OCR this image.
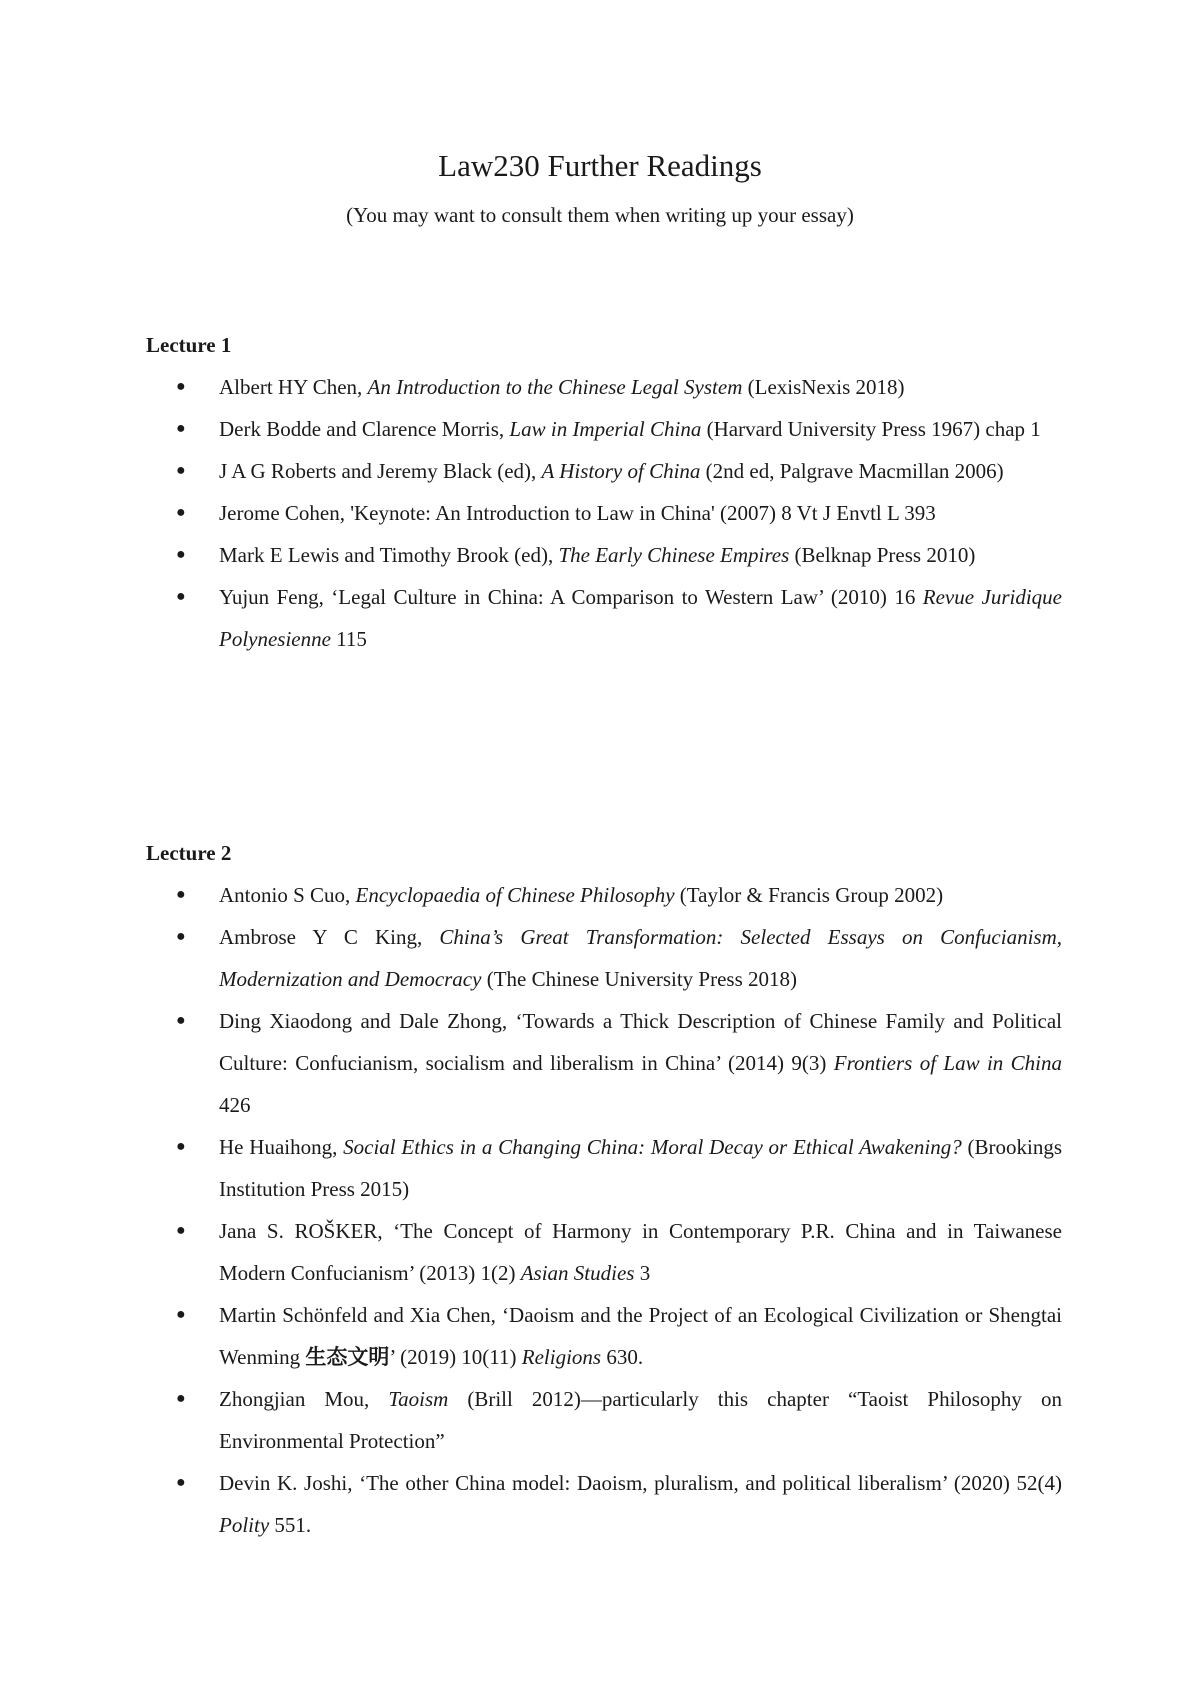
Law230 Further Readings
(You may want to consult them when writing up your essay)

Lecture 1

● Albert HY Chen, An Introduction to the Chinese Legal System (LexisNexis 2018)
● Derk Bodde and Clarence Morris, Law in Imperial China (Harvard University Press 1967) chap 1
● J A G Roberts and Jeremy Black (ed), A History of China (2nd ed, Palgrave Macmillan 2006)
● Jerome Cohen, 'Keynote: An Introduction to Law in China' (2007) 8 Vt J Envtl L 393
● Mark E Lewis and Timothy Brook (ed), The Early Chinese Empires (Belknap Press 2010)
● Yujun Feng, ‘Legal Culture in China: A Comparison to Western Law’ (2010) 16 Revue Juridique Polynesienne 115

Lecture 2

● Antonio S Cuo, Encyclopaedia of Chinese Philosophy (Taylor & Francis Group 2002)
● Ambrose Y C King, China’s Great Transformation: Selected Essays on Confucianism, Modernization and Democracy (The Chinese University Press 2018)
● Ding Xiaodong and Dale Zhong, ‘Towards a Thick Description of Chinese Family and Political Culture: Confucianism, socialism and liberalism in China’ (2014) 9(3) Frontiers of Law in China 426
● He Huaihong, Social Ethics in a Changing China: Moral Decay or Ethical Awakening? (Brookings Institution Press 2015)
● Jana S. ROŠKER, ‘The Concept of Harmony in Contemporary P.R. China and in Taiwanese Modern Confucianism’ (2013) 1(2) Asian Studies 3
● Martin Schönfeld and Xia Chen, ‘Daoism and the Project of an Ecological Civilization or Shengtai Wenming 生态文明’ (2019) 10(11) Religions 630.
● Zhongjian Mou, Taoism (Brill 2012)—particularly this chapter “Taoist Philosophy on Environmental Protection”
● Devin K. Joshi, ‘The other China model: Daoism, pluralism, and political liberalism’ (2020) 52(4) Polity 551.
